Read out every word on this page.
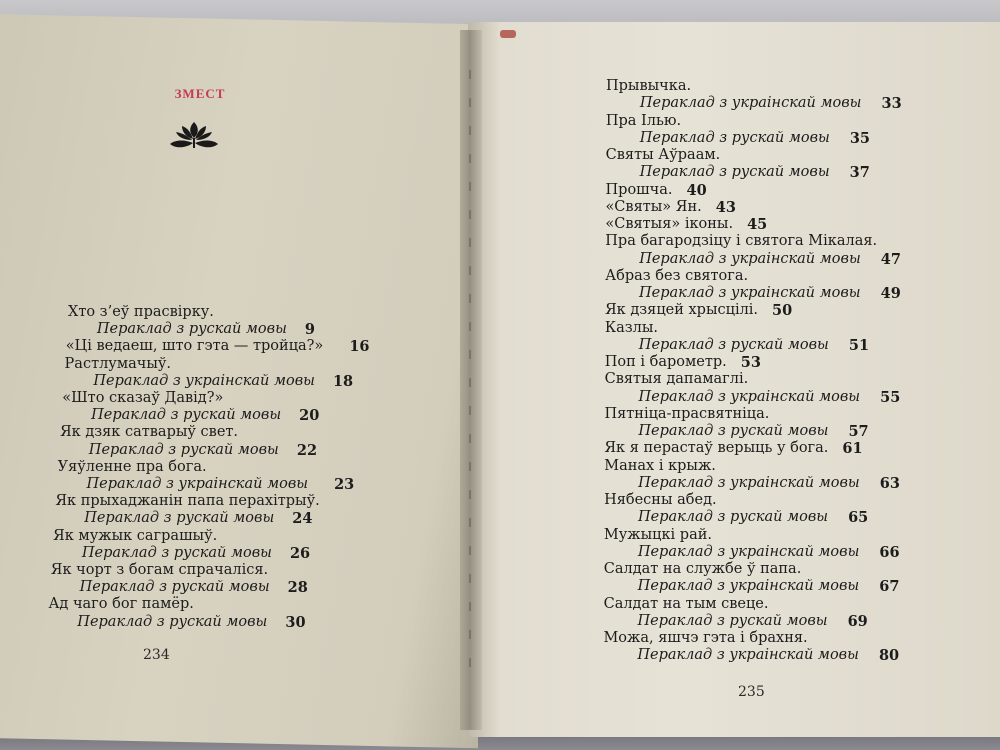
ЗМЕСТ
Хто з’еў прасвірку.
Пераклад з рускай мовы 9
«Ці ведаеш, што гэта — тройца?» 16
Растлумачыў.
Пераклад з украінскай мовы 18
«Што сказаў Давід?»
Пераклад з рускай мовы 20
Як дзяк сатварыў свет.
Пераклад з рускай мовы 22
Уяўленне пра бога.
Пераклад з украінскай мовы 23
Як прыхаджанін папа перахітрыў.
Пераклад з рускай мовы 24
Як мужык саграшыў.
Пераклад з рускай мовы 26
Як чорт з богам спрачаліся.
Пераклад з рускай мовы 28
Ад чаго бог памёр.
Пераклад з рускай мовы 30
Прывычка.
Пераклад з украінскай мовы 33
Пра Ілью.
Пераклад з рускай мовы 35
Святы Аўраам.
Пераклад з рускай мовы 37
Прошча. 40
«Святы» Ян. 43
«Святыя» іконы. 45
Пра багародзіцу і святога Мікалая.
Пераклад з украінскай мовы 47
Абраз без святога.
Пераклад з украінскай мовы 49
Як дзяцей хрысцілі. 50
Казлы.
Пераклад з рускай мовы 51
Поп і барометр. 53
Святыя дапамаглі.
Пераклад з украінскай мовы 55
Пятніца-прасвятніца.
Пераклад з рускай мовы 57
Як я перастаў верыць у бога. 61
Манах і крыж.
Пераклад з украінскай мовы 63
Нябесны абед.
Пераклад з рускай мовы 65
Мужыцкі рай.
Пераклад з украінскай мовы 66
Салдат на службе ў папа.
Пераклад з украінскай мовы 67
Салдат на тым свеце.
Пераклад з рускай мовы 69
Можа, яшчэ гэта і брахня.
Пераклад з украінскай мовы 80
234
235
